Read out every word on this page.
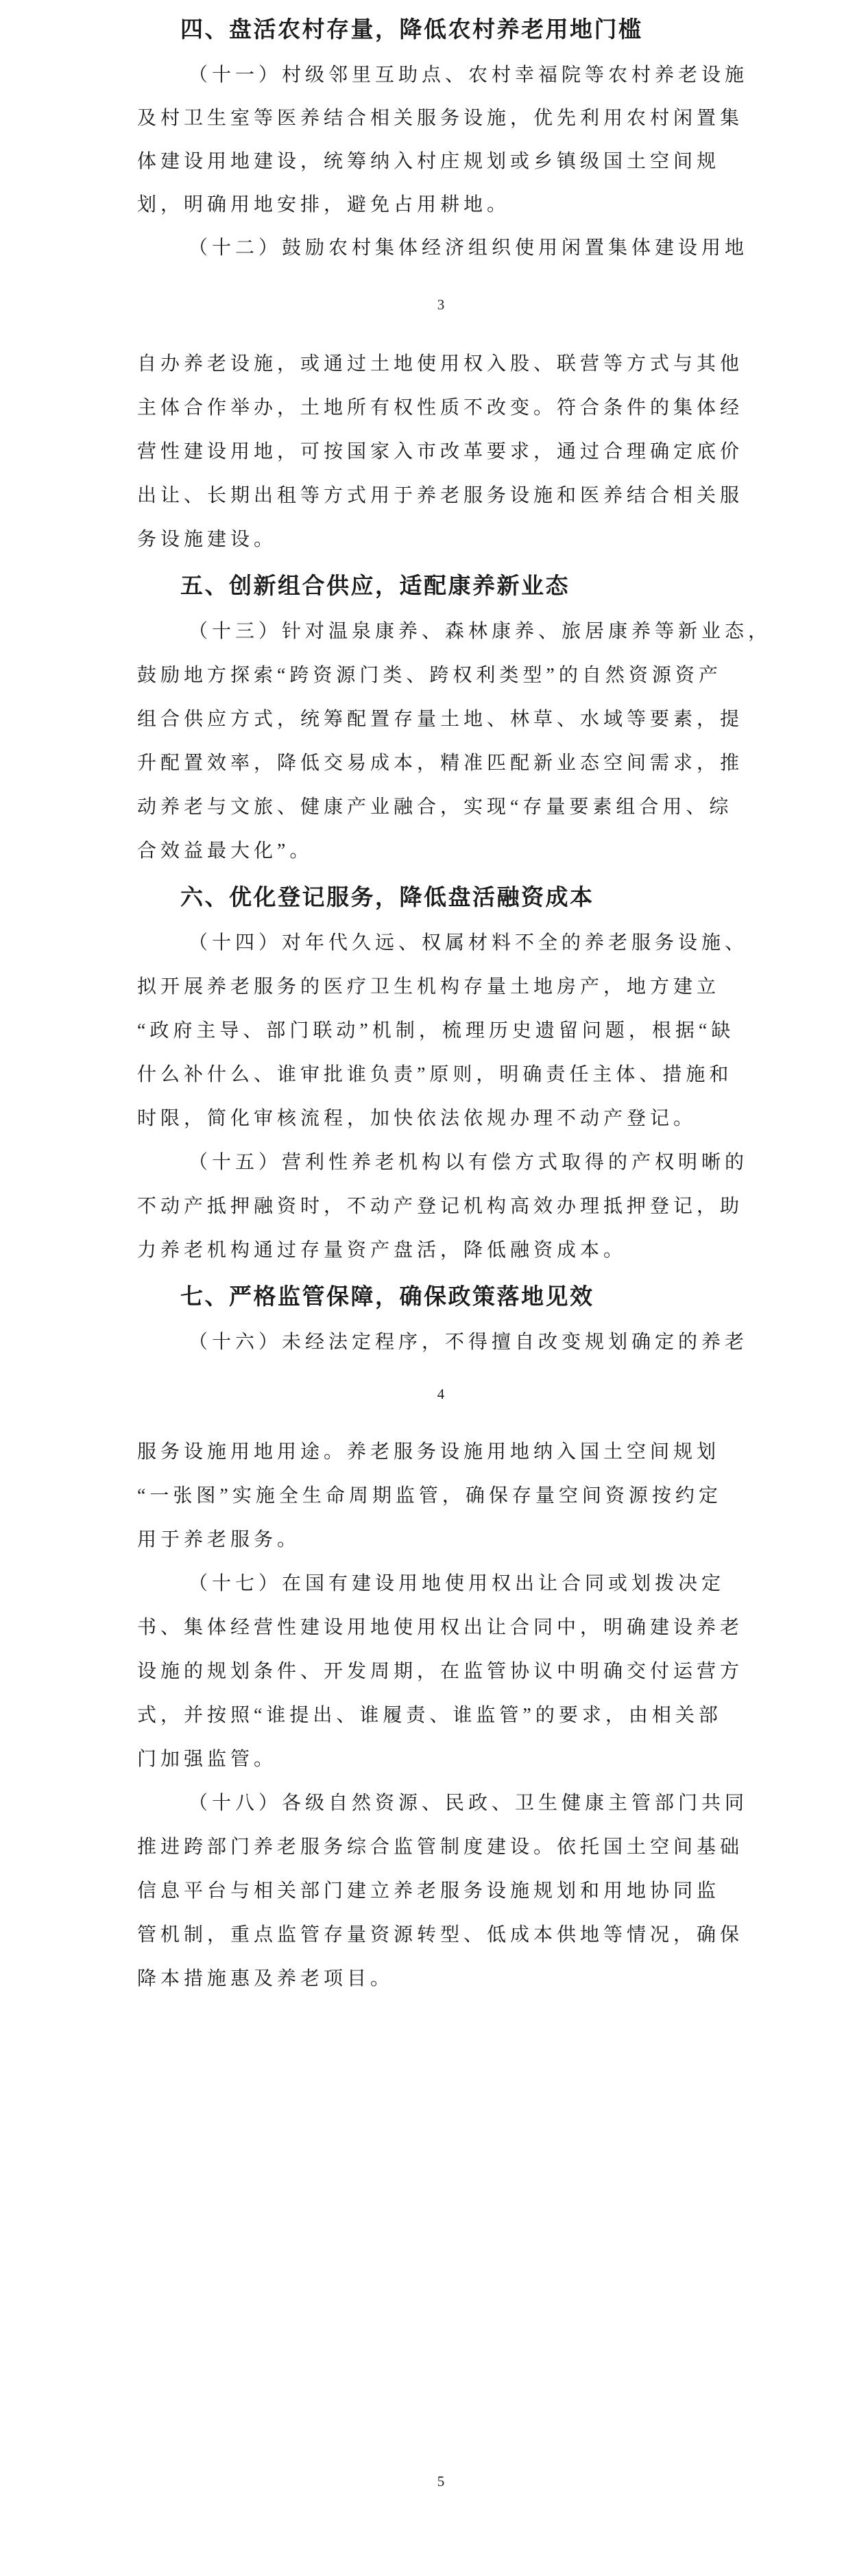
四、盘活农村存量，降低农村养老用地门槛
（十一）村级邻里互助点、农村幸福院等农村养老设施
及村卫生室等医养结合相关服务设施，优先利用农村闲置集
体建设用地建设，统筹纳入村庄规划或乡镇级国土空间规
划，明确用地安排，避免占用耕地。
（十二）鼓励农村集体经济组织使用闲置集体建设用地
3
自办养老设施，或通过土地使用权入股、联营等方式与其他
主体合作举办，土地所有权性质不改变。符合条件的集体经
营性建设用地，可按国家入市改革要求，通过合理确定底价
出让、长期出租等方式用于养老服务设施和医养结合相关服
务设施建设。
五、创新组合供应，适配康养新业态
（十三）针对温泉康养、森林康养、旅居康养等新业态，
鼓励地方探索“跨资源门类、跨权利类型”的自然资源资产
组合供应方式，统筹配置存量土地、林草、水域等要素，提
升配置效率，降低交易成本，精准匹配新业态空间需求，推
动养老与文旅、健康产业融合，实现“存量要素组合用、综
合效益最大化”。
六、优化登记服务，降低盘活融资成本
（十四）对年代久远、权属材料不全的养老服务设施、
拟开展养老服务的医疗卫生机构存量土地房产，地方建立
“政府主导、部门联动”机制，梳理历史遗留问题，根据“缺
什么补什么、谁审批谁负责”原则，明确责任主体、措施和
时限，简化审核流程，加快依法依规办理不动产登记。
（十五）营利性养老机构以有偿方式取得的产权明晰的
不动产抵押融资时，不动产登记机构高效办理抵押登记，助
力养老机构通过存量资产盘活，降低融资成本。
七、严格监管保障，确保政策落地见效
（十六）未经法定程序，不得擅自改变规划确定的养老
4
服务设施用地用途。养老服务设施用地纳入国土空间规划
“一张图”实施全生命周期监管，确保存量空间资源按约定
用于养老服务。
（十七）在国有建设用地使用权出让合同或划拨决定
书、集体经营性建设用地使用权出让合同中，明确建设养老
设施的规划条件、开发周期，在监管协议中明确交付运营方
式，并按照“谁提出、谁履责、谁监管”的要求，由相关部
门加强监管。
（十八）各级自然资源、民政、卫生健康主管部门共同
推进跨部门养老服务综合监管制度建设。依托国土空间基础
信息平台与相关部门建立养老服务设施规划和用地协同监
管机制，重点监管存量资源转型、低成本供地等情况，确保
降本措施惠及养老项目。
5
